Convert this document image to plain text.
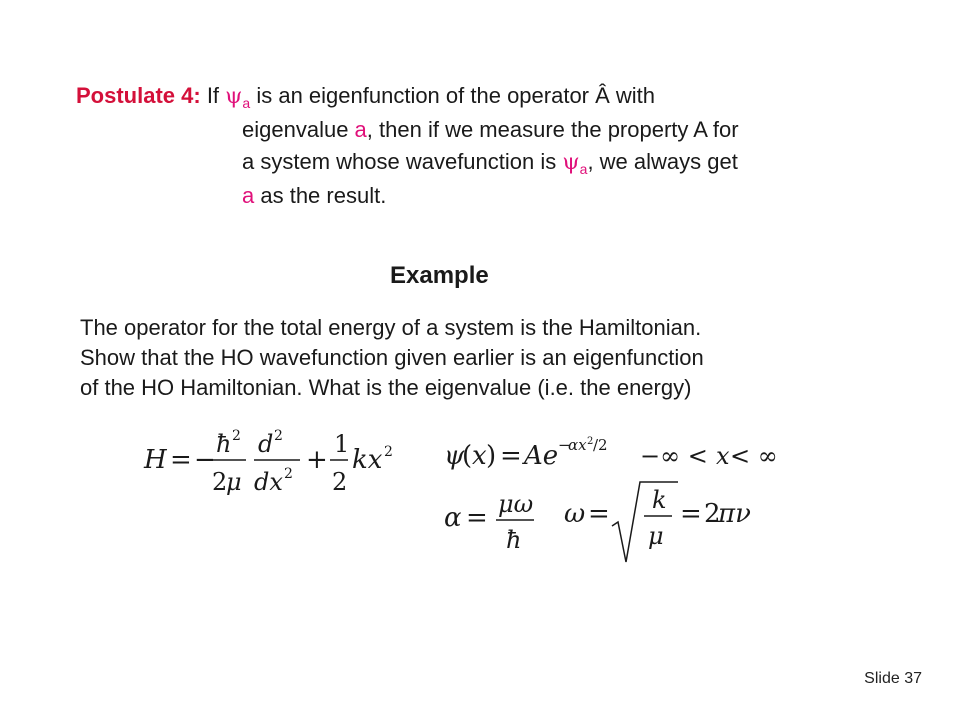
Postulate 4: If $\psi_a$ is an eigenfunction of the operator Â with
eigenvalue a, then if we measure the property A for
a system whose wavefunction is $\psi_a$, we always get
a as the result.
Example
The operator for the total energy of a system is the Hamiltonian.
Show that the HO wavefunction given earlier is an eigenfunction
of the HO Hamiltonian. What is the eigenvalue (i.e. the energy)
H = −
ħ 2
2
μ
d 2
dx 2 +
1
2
kx 2 ψ
( x ) = Ae −
αx 2 /2 −∞ < x < ∞
α = μω
ħ
ω = k
μ
= 2
πν
Slide 37
